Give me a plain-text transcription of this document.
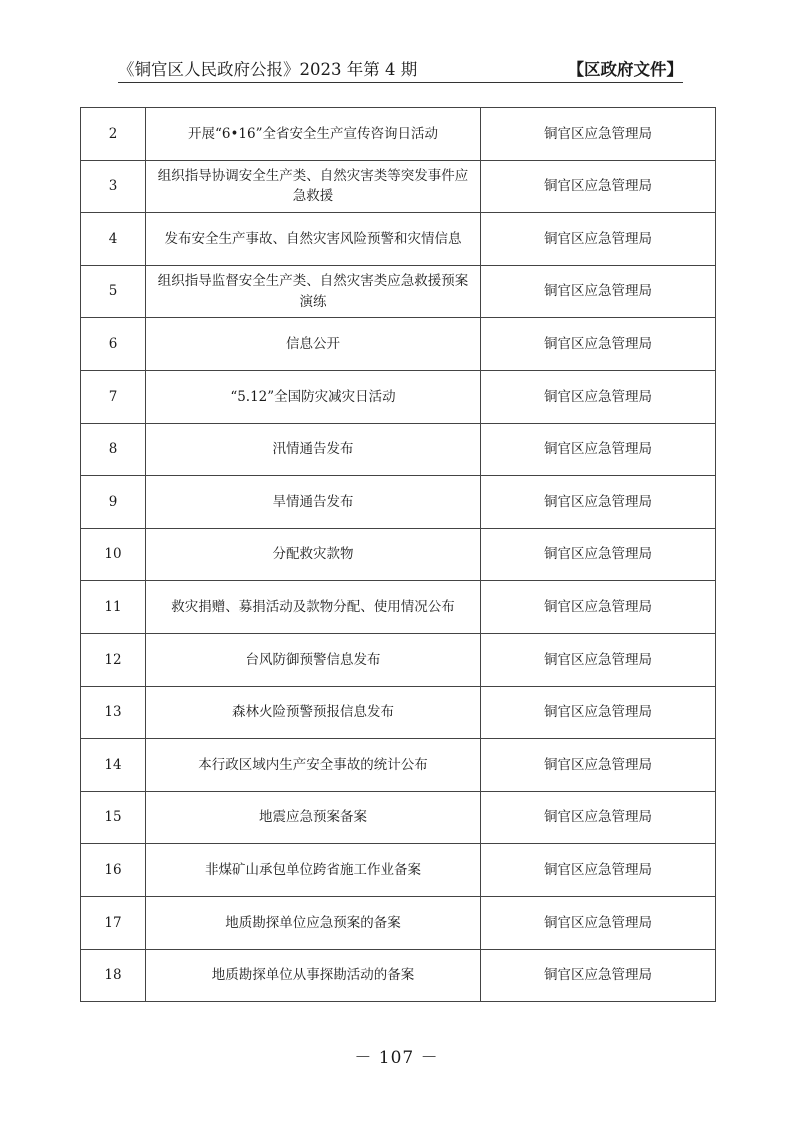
《铜官区人民政府公报》2023 年第 4 期	【区政府文件】
2	开展“6•16”全省安全生产宣传咨询日活动	铜官区应急管理局
3	组织指导协调安全生产类、自然灾害类等突发事件应急救援	铜官区应急管理局
4	发布安全生产事故、自然灾害风险预警和灾情信息	铜官区应急管理局
5	组织指导监督安全生产类、自然灾害类应急救援预案演练	铜官区应急管理局
6	信息公开	铜官区应急管理局
7	“5.12”全国防灾减灾日活动	铜官区应急管理局
8	汛情通告发布	铜官区应急管理局
9	旱情通告发布	铜官区应急管理局
10	分配救灾款物	铜官区应急管理局
11	救灾捐赠、募捐活动及款物分配、使用情况公布	铜官区应急管理局
12	台风防御预警信息发布	铜官区应急管理局
13	森林火险预警预报信息发布	铜官区应急管理局
14	本行政区域内生产安全事故的统计公布	铜官区应急管理局
15	地震应急预案备案	铜官区应急管理局
16	非煤矿山承包单位跨省施工作业备案	铜官区应急管理局
17	地质勘探单位应急预案的备案	铜官区应急管理局
18	地质勘探单位从事探勘活动的备案	铜官区应急管理局
－ 107 －
